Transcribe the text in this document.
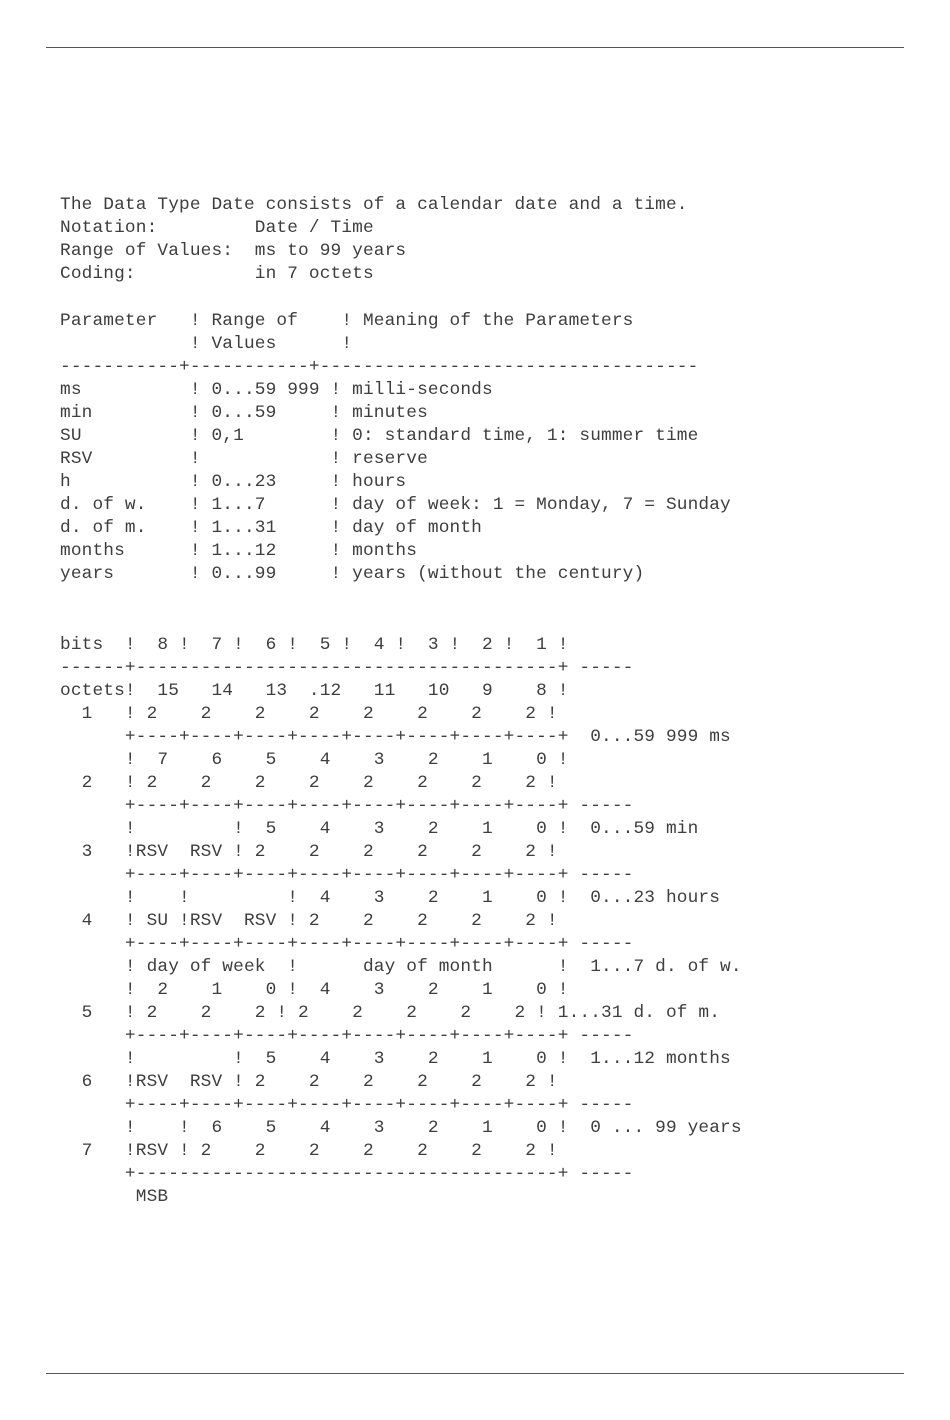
The Data Type Date consists of a calendar date and a time.
Notation:         Date / Time
Range of Values:  ms to 99 years
Coding:           in 7 octets
Parameter   ! Range of    ! Meaning of the Parameters
! Values      !
-----------+-----------+-----------------------------------
ms          ! 0...59 999 ! milli-seconds
min         ! 0...59     ! minutes
SU          ! 0,1        ! 0: standard time, 1: summer time
RSV         !            ! reserve
h           ! 0...23     ! hours
d. of w.    ! 1...7      ! day of week: 1 = Monday, 7 = Sunday
d. of m.    ! 1...31     ! day of month
months      ! 1...12     ! months
years       ! 0...99     ! years (without the century)
bits  !  8 !  7 !  6 !  5 !  4 !  3 !  2 !  1 !
------+---------------------------------------+ -----
octets!  15   14   13  .12   11   10   9    8 !
1   ! 2    2    2    2    2    2    2    2 !
+----+----+----+----+----+----+----+----+  0...59 999 ms
!  7    6    5    4    3    2    1    0 !
2   ! 2    2    2    2    2    2    2    2 !
+----+----+----+----+----+----+----+----+ -----
!         !  5    4    3    2    1    0 !  0...59 min
3   !RSV  RSV ! 2    2    2    2    2    2 !
+----+----+----+----+----+----+----+----+ -----
!    !         !  4    3    2    1    0 !  0...23 hours
4   ! SU !RSV  RSV ! 2    2    2    2    2 !
+----+----+----+----+----+----+----+----+ -----
! day of week  !      day of month      !  1...7 d. of w.
!  2    1    0 !  4    3    2    1    0 !
5   ! 2    2    2 ! 2    2    2    2    2 ! 1...31 d. of m.
+----+----+----+----+----+----+----+----+ -----
!         !  5    4    3    2    1    0 !  1...12 months
6   !RSV  RSV ! 2    2    2    2    2    2 !
+----+----+----+----+----+----+----+----+ -----
!    !  6    5    4    3    2    1    0 !  0 ... 99 years
7   !RSV ! 2    2    2    2    2    2    2 !
+---------------------------------------+ -----
MSB
